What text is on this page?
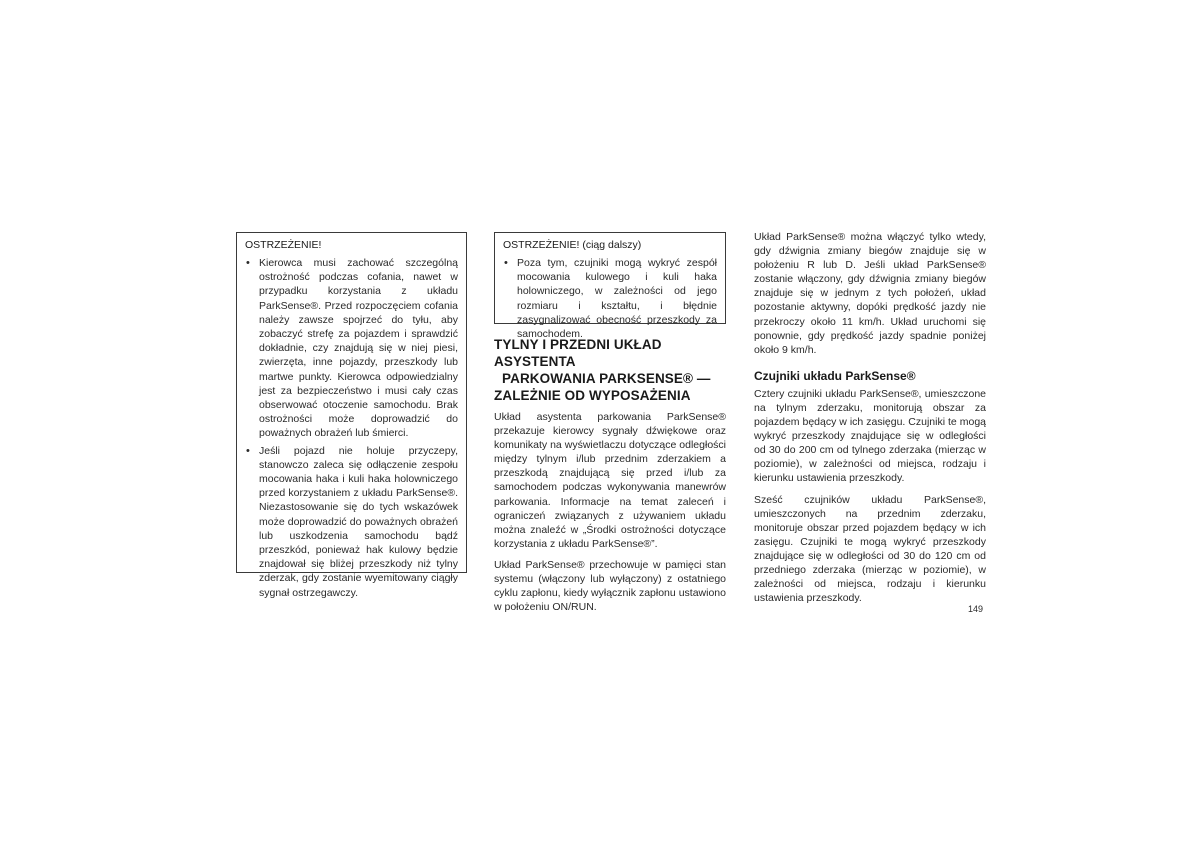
OSTRZEŻENIE!
• Kierowca musi zachować szczególną ostrożność podczas cofania, nawet w przypadku korzystania z układu ParkSense®. Przed rozpoczęciem cofania należy zawsze spojrzeć do tyłu, aby zobaczyć strefę za pojazdem i sprawdzić dokładnie, czy znajdują się w niej piesi, zwierzęta, inne pojazdy, przeszkody lub martwe punkty. Kierowca odpowiedzialny jest za bezpieczeństwo i musi cały czas obserwować otoczenie samochodu. Brak ostrożności może doprowadzić do poważnych obrażeń lub śmierci.
• Jeśli pojazd nie holuje przyczepy, stanowczo zaleca się odłączenie zespołu mocowania haka i kuli haka holowniczego przed korzystaniem z układu ParkSense®. Niezastosowanie się do tych wskazówek może doprowadzić do poważnych obrażeń lub uszkodzenia samochodu bądź przeszkód, ponieważ hak kulowy będzie znajdował się bliżej przeszkody niż tylny zderzak, gdy zostanie wyemitowany ciągły sygnał ostrzegawczy.
OSTRZEŻENIE! (ciąg dalszy)
• Poza tym, czujniki mogą wykryć zespół mocowania kulowego i kuli haka holowniczego, w zależności od jego rozmiaru i kształtu, i błędnie zasygnalizować obecność przeszkody za samochodem.
TYLNY I PRZEDNI UKŁAD ASYSTENTA
PARKOWANIA PARKSENSE® —
ZALEŻNIE OD WYPOSAŻENIA

Układ asystenta parkowania ParkSense® przekazuje kierowcy sygnały dźwiękowe oraz komunikaty na wyświetlaczu dotyczące odległości między tylnym i/lub przednim zderzakiem a przeszkodą znajdującą się przed i/lub za samochodem podczas wykonywania manewrów parkowania. Informacje na temat zaleceń i ograniczeń związanych z używaniem układu można znaleźć w „Środki ostrożności dotyczące korzystania z układu ParkSense®”.

Układ ParkSense® przechowuje w pamięci stan systemu (włączony lub wyłączony) z ostatniego cyklu zapłonu, kiedy wyłącznik zapłonu ustawiono w położeniu ON/RUN.

Układ ParkSense® można włączyć tylko wtedy, gdy dźwignia zmiany biegów znajduje się w położeniu R lub D. Jeśli układ ParkSense® zostanie włączony, gdy dźwignia zmiany biegów znajduje się w jednym z tych położeń, układ pozostanie aktywny, dopóki prędkość jazdy nie przekroczy około 11 km/h. Układ uruchomi się ponownie, gdy prędkość jazdy spadnie poniżej około 9 km/h.

Czujniki układu ParkSense®

Cztery czujniki układu ParkSense®, umieszczone na tylnym zderzaku, monitorują obszar za pojazdem będący w ich zasięgu. Czujniki te mogą wykryć przeszkody znajdujące się w odległości od 30 do 200 cm od tylnego zderzaka (mierząc w poziomie), w zależności od miejsca, rodzaju i kierunku ustawienia przeszkody.

Sześć czujników układu ParkSense®, umieszczonych na przednim zderzaku, monitoruje obszar przed pojazdem będący w ich zasięgu. Czujniki te mogą wykryć przeszkody znajdujące się w odległości od 30 do 120 cm od przedniego zderzaka (mierząc w poziomie), w zależności od miejsca, rodzaju i kierunku ustawienia przeszkody.

149
